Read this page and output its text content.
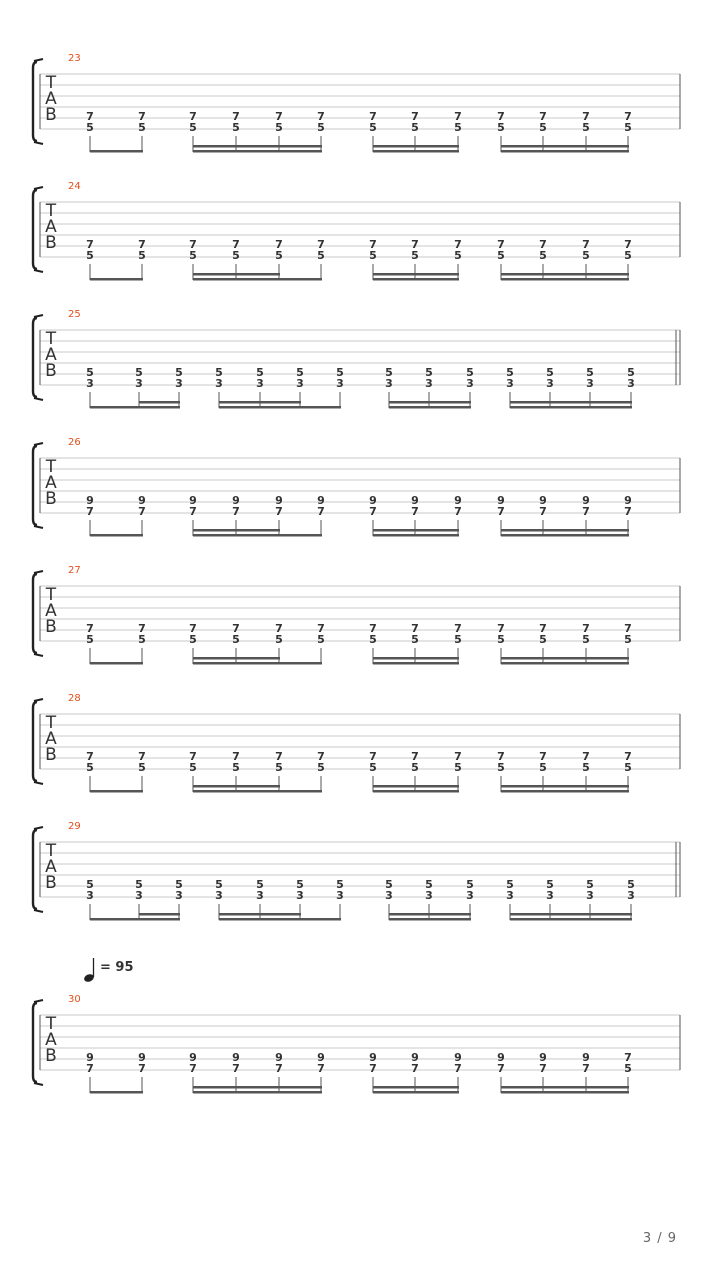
23
T
A
B	7
5
7
5
7
5
7
5
7
5
7
5
7
5
7
5
7
5
7
5
7
5
7
5
7
5
24
T
A
B	7
5
7
5
7
5
7
5
7
5
7
5
7
5
7
5
7
5
7
5
7
5
7
5
7
5
25
T
A
B	5
3
5
3
5
3
5
3
5
3
5
3
5
3
5
3
5
3
5
3
5
3
5
3
5
3
5
3
26
T
A
B	9
7
9
7
9
7
9
7
9
7
9
7
9
7
9
7
9
7
9
7
9
7
9
7
9
7
27
T
A
B	7
5
7
5
7
5
7
5
7
5
7
5
7
5
7
5
7
5
7
5
7
5
7
5
7
5
28
T
A
B	7
5
7
5
7
5
7
5
7
5
7
5
7
5
7
5
7
5
7
5
7
5
7
5
7
5
29
T
A
B	5
3
5
3
5
3
5
3
5
3
5
3
5
3
5
3
5
3
5
3
5
3
5
3
5
3
5
3
30
T
A
B	9
7
9
7
9
7
9
7
9
7
9
7
9
7
9
7
9
7
9
7
9
7
9
7
7
5
= 95
3 / 9
